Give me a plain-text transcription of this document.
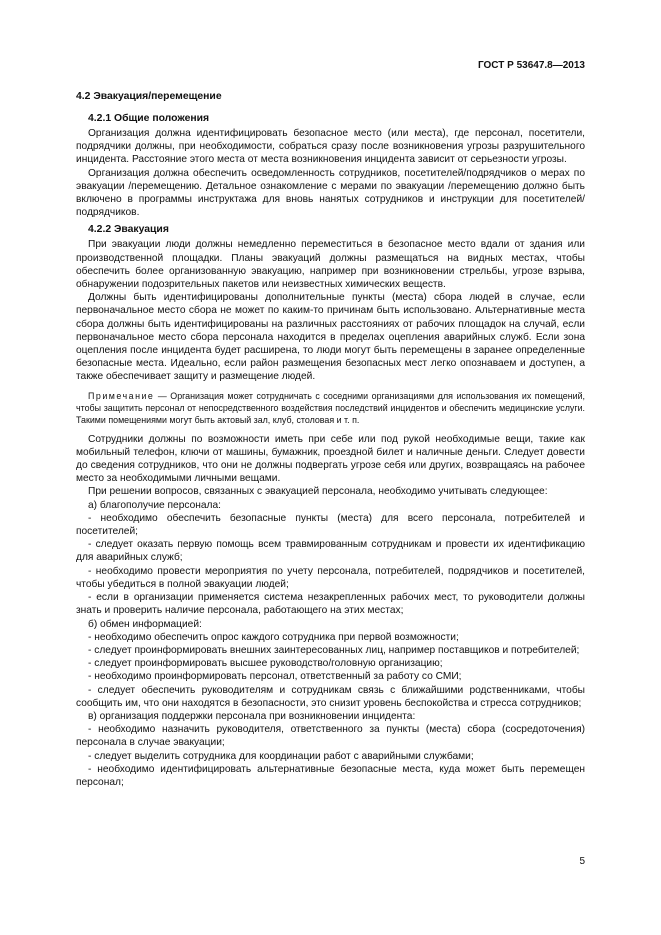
ГОСТ Р 53647.8—2013

4.2 Эвакуация/перемещение

4.2.1 Общие положения

Организация должна идентифицировать безопасное место (или места), где персонал, посетители, подрядчики должны, при необходимости, собраться сразу после возникновения угрозы разрушительного инцидента. Расстояние этого места от места возникновения инцидента зависит от серьезности угрозы.

Организация должна обеспечить осведомленность сотрудников, посетителей/подрядчиков о мерах по эвакуации /перемещению. Детальное ознакомление с мерами по эвакуации /перемещению должно быть включено в программы инструктажа для вновь нанятых сотрудников и инструкции для посетителей/подрядчиков.

4.2.2 Эвакуация

При эвакуации люди должны немедленно переместиться в безопасное место вдали от здания или производственной площадки. Планы эвакуаций должны размещаться на видных местах, чтобы обеспечить более организованную эвакуацию, например при возникновении стрельбы, угрозе взрыва, обнаружении подозрительных пакетов или неизвестных химических веществ.

Должны быть идентифицированы дополнительные пункты (места) сбора людей в случае, если первоначальное место сбора не может по каким-то причинам быть использовано. Альтернативные места сбора должны быть идентифицированы на различных расстояниях от рабочих площадок на случай, если первоначальное место сбора персонала находится в пределах оцепления аварийных служб. Если зона оцепления после инцидента будет расширена, то люди могут быть перемещены в заранее определенные безопасные места. Идеально, если район размещения безопасных мест легко опознаваем и доступен, а также обеспечивает защиту и размещение людей.

Примечание — Организация может сотрудничать с соседними организациями для использования их помещений, чтобы защитить персонал от непосредственного воздействия последствий инцидентов и обеспечить медицинские услуги. Такими помещениями могут быть актовый зал, клуб, столовая и т. п.

Сотрудники должны по возможности иметь при себе или под рукой необходимые вещи, такие как мобильный телефон, ключи от машины, бумажник, проездной билет и наличные деньги. Следует довести до сведения сотрудников, что они не должны подвергать угрозе себя или других, возвращаясь на рабочее место за необходимыми личными вещами.

При решении вопросов, связанных с эвакуацией персонала, необходимо учитывать следующее:

а) благополучие персонала:

- необходимо обеспечить безопасные пункты (места) для всего персонала, потребителей и посетителей;

- следует оказать первую помощь всем травмированным сотрудникам и провести их идентификацию для аварийных служб;

- необходимо провести мероприятия по учету персонала, потребителей, подрядчиков и посетителей, чтобы убедиться в полной эвакуации людей;

- если в организации применяется система незакрепленных рабочих мест, то руководители должны знать и проверить наличие персонала, работающего на этих местах;

б) обмен информацией:

- необходимо обеспечить опрос каждого сотрудника при первой возможности;

- следует проинформировать внешних заинтересованных лиц, например поставщиков и потребителей;

- следует проинформировать высшее руководство/головную организацию;

- необходимо проинформировать персонал, ответственный за работу со СМИ;

- следует обеспечить руководителям и сотрудникам связь с ближайшими родственниками, чтобы сообщить им, что они находятся в безопасности, это снизит уровень беспокойства и стресса сотрудников;

в) организация поддержки персонала при возникновении инцидента:

- необходимо назначить руководителя, ответственного за пункты (места) сбора (сосредоточения) персонала в случае эвакуации;

- следует выделить сотрудника для координации работ с аварийными службами;

- необходимо идентифицировать альтернативные безопасные места, куда может быть перемещен персонал;

5
